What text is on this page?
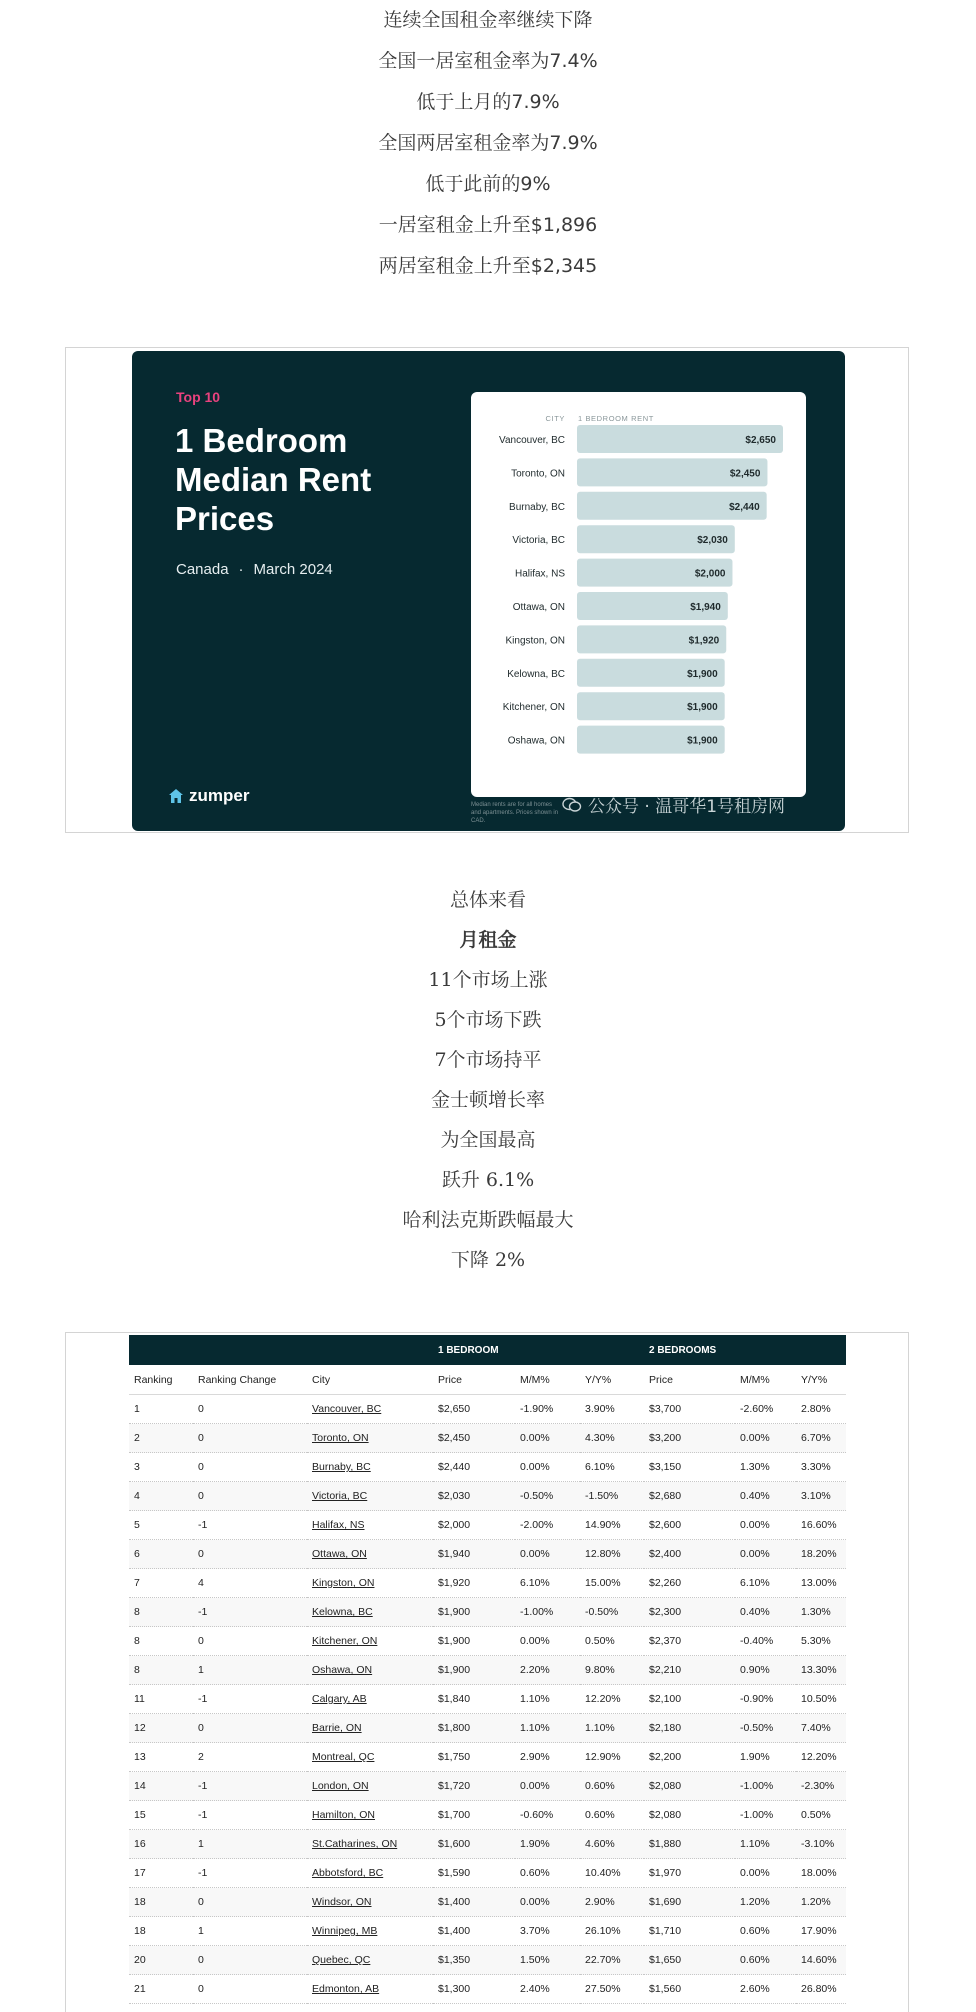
连续全国租金率继续下降
全国一居室租金率为7.4%
低于上月的7.9%
全国两居室租金率为7.9%
低于此前的9%
一居室租金上升至$1,896
两居室租金上升至$2,345
Top 10
1 Bedroom Median Rent Prices
Canada · March 2024
CITY 1 BEDROOM RENT
Vancouver, BC	$2,650
Toronto, ON	$2,450
Burnaby, BC	$2,440
Victoria, BC	$2,030
Halifax, NS	$2,000
Ottawa, ON	$1,940
Kingston, ON	$1,920
Kelowna, BC	$1,900
Kitchener, ON	$1,900
Oshawa, ON	$1,900
Median rents are for all homes and apartments. Prices shown in CAD.
zumper
公众号 · 温哥华1号租房网
总体来看
月租金
11个市场上涨
5个市场下跌
7个市场持平
金士顿增长率
为全国最高
跃升 6.1%
哈利法克斯跌幅最大
下降 2%
			1 BEDROOM			2 BEDROOMS		
Ranking	Ranking Change	City	Price	M/M%	Y/Y%	Price	M/M%	Y/Y%
1	0	Vancouver, BC	$2,650	-1.90%	3.90%	$3,700	-2.60%	2.80%
2	0	Toronto, ON	$2,450	0.00%	4.30%	$3,200	0.00%	6.70%
3	0	Burnaby, BC	$2,440	0.00%	6.10%	$3,150	1.30%	3.30%
4	0	Victoria, BC	$2,030	-0.50%	-1.50%	$2,680	0.40%	3.10%
5	-1	Halifax, NS	$2,000	-2.00%	14.90%	$2,600	0.00%	16.60%
6	0	Ottawa, ON	$1,940	0.00%	12.80%	$2,400	0.00%	18.20%
7	4	Kingston, ON	$1,920	6.10%	15.00%	$2,260	6.10%	13.00%
8	-1	Kelowna, BC	$1,900	-1.00%	-0.50%	$2,300	0.40%	1.30%
8	0	Kitchener, ON	$1,900	0.00%	0.50%	$2,370	-0.40%	5.30%
8	1	Oshawa, ON	$1,900	2.20%	9.80%	$2,210	0.90%	13.30%
11	-1	Calgary, AB	$1,840	1.10%	12.20%	$2,100	-0.90%	10.50%
12	0	Barrie, ON	$1,800	1.10%	1.10%	$2,180	-0.50%	7.40%
13	2	Montreal, QC	$1,750	2.90%	12.90%	$2,200	1.90%	12.20%
14	-1	London, ON	$1,720	0.00%	0.60%	$2,080	-1.00%	-2.30%
15	-1	Hamilton, ON	$1,700	-0.60%	0.60%	$2,080	-1.00%	0.50%
16	1	St.Catharines, ON	$1,600	1.90%	4.60%	$1,880	1.10%	-3.10%
17	-1	Abbotsford, BC	$1,590	0.60%	10.40%	$1,970	0.00%	18.00%
18	0	Windsor, ON	$1,400	0.00%	2.90%	$1,690	1.20%	1.20%
18	1	Winnipeg, MB	$1,400	3.70%	26.10%	$1,710	0.60%	17.90%
20	0	Quebec, QC	$1,350	1.50%	22.70%	$1,650	0.60%	14.60%
21	0	Edmonton, AB	$1,300	2.40%	27.50%	$1,560	2.60%	26.80%
